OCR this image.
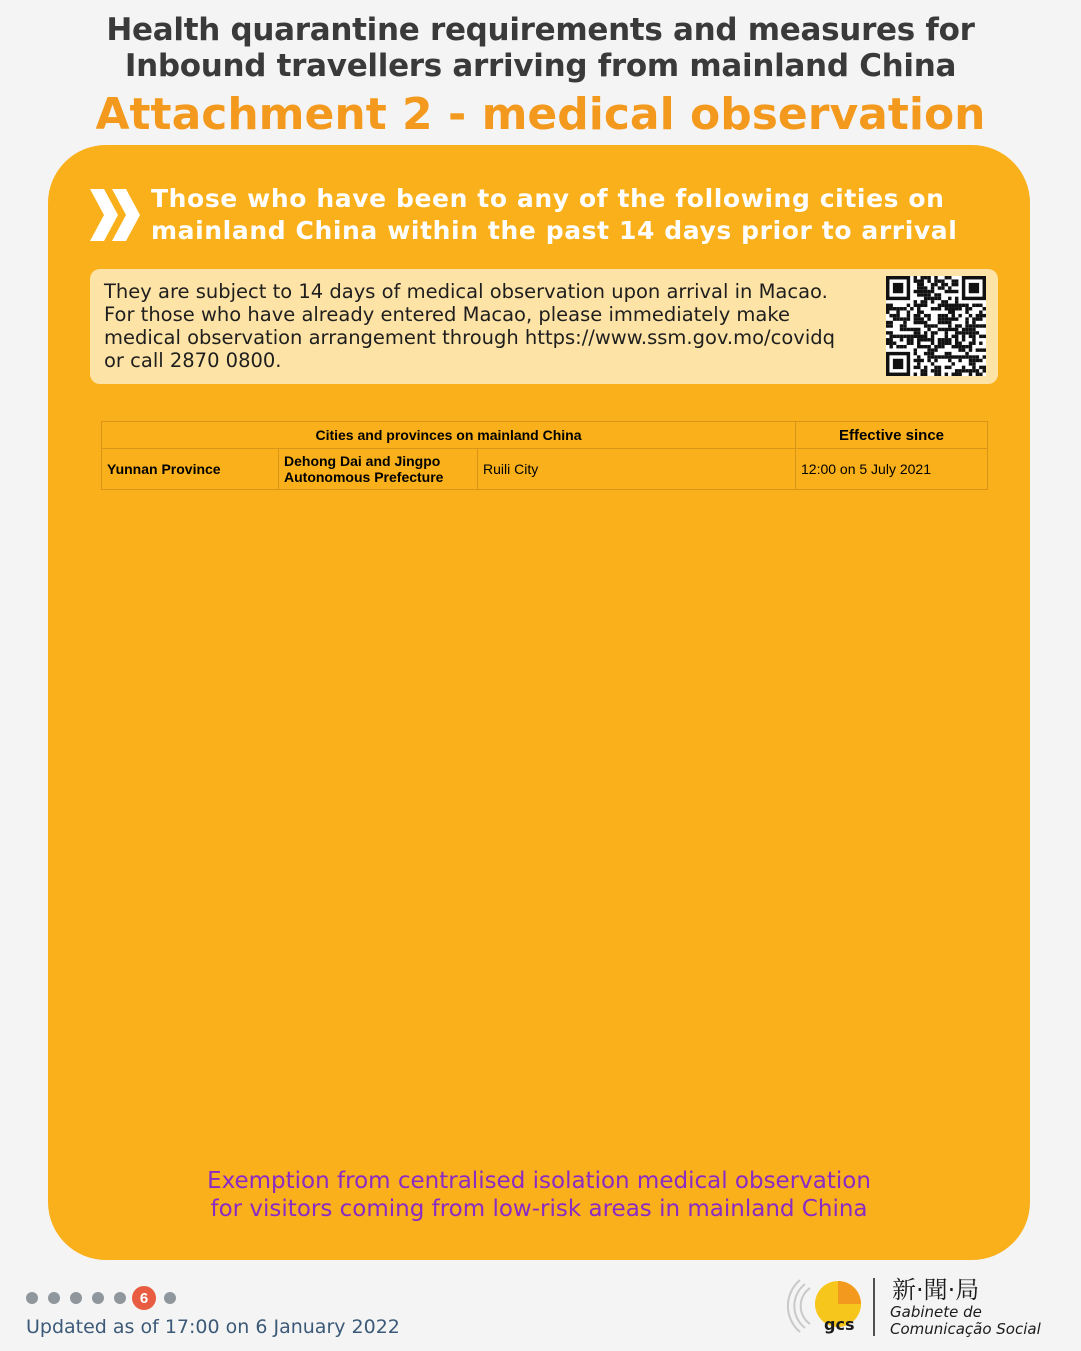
Health quarantine requirements and measures for
Inbound travellers arriving from mainland China
Attachment 2 - medical observation
Those who have been to any of the following cities on
mainland China within the past 14 days prior to arrival
They are subject to 14 days of medical observation upon arrival in Macao.
For those who have already entered Macao, please immediately make
medical observation arrangement through https://www.ssm.gov.mo/covidq
or call 2870 0800.
Cities and provinces on mainland China			Effective since
Yunnan Province	Dehong Dai and Jingpo
Autonomous Prefecture	Ruili City	12:00 on 5 July 2021
Exemption from centralised isolation medical observation
for visitors coming from low-risk areas in mainland China
6
Updated as of 17:00 on 6 January 2022	gcs
新·聞·局
Gabinete de
Comunicação Social
